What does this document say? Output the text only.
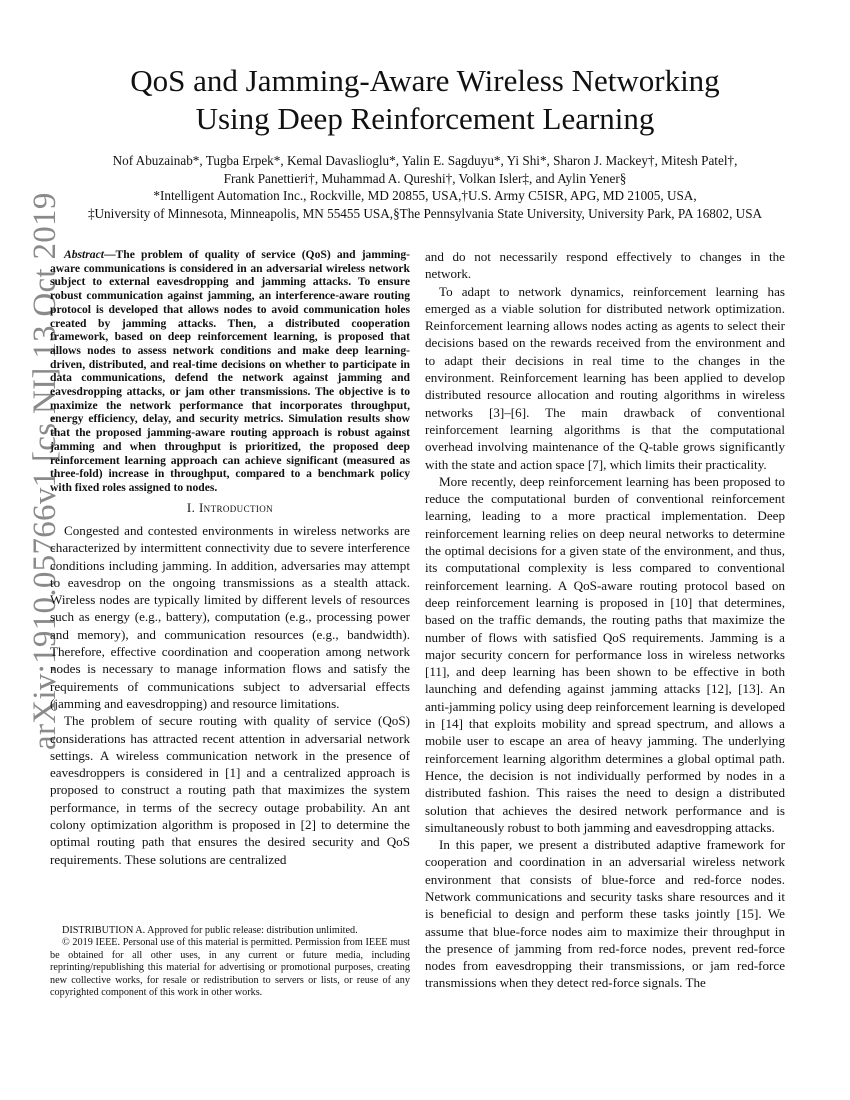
QoS and Jamming-Aware Wireless Networking
Using Deep Reinforcement Learning
Nof Abuzainab*, Tugba Erpek*, Kemal Davaslioglu*, Yalin E. Sagduyu*, Yi Shi*, Sharon J. Mackey†, Mitesh Patel†,
Frank Panettieri†, Muhammad A. Qureshi†, Volkan Isler‡, and Aylin Yener§
*Intelligent Automation Inc., Rockville, MD 20855, USA,†U.S. Army C5ISR, APG, MD 21005, USA,
‡University of Minnesota, Minneapolis, MN 55455 USA,§The Pennsylvania State University, University Park, PA 16802, USA
arXiv:1910.05766v1 [cs.NI] 13 Oct 2019 Abstract—The problem of quality of service (QoS) and jamming-aware communications is considered in an adversarial wireless network subject to external eavesdropping and jamming attacks. To ensure robust communication against jamming, an interference-aware routing protocol is developed that allows nodes to avoid communication holes created by jamming attacks. Then, a distributed cooperation framework, based on deep reinforcement learning, is proposed that allows nodes to assess network conditions and make deep learning-driven, distributed, and real-time decisions on whether to participate in data communications, defend the network against jamming and eavesdropping attacks, or jam other transmissions. The objective is to maximize the network performance that incorporates throughput, energy efficiency, delay, and security metrics. Simulation results show that the proposed jamming-aware routing approach is robust against jamming and when throughput is prioritized, the proposed deep reinforcement learning approach can achieve significant (measured as three-fold) increase in throughput, compared to a benchmark policy with fixed roles assigned to nodes.

I. Introduction

Congested and contested environments in wireless networks are characterized by intermittent connectivity due to severe interference conditions including jamming. In addition, adversaries may attempt to eavesdrop on the ongoing transmissions as a stealth attack. Wireless nodes are typically limited by different levels of resources such as energy (e.g., battery), computation (e.g., processing power and memory), and communication resources (e.g., bandwidth). Therefore, effective coordination and cooperation among network nodes is necessary to manage information flows and satisfy the requirements of communications subject to adversarial effects (jamming and eavesdropping) and resource limitations.

The problem of secure routing with quality of service (QoS) considerations has attracted recent attention in adversarial network settings. A wireless communication network in the presence of eavesdroppers is considered in [1] and a centralized approach is proposed to construct a routing path that maximizes the system performance, in terms of the secrecy outage probability. An ant colony optimization algorithm is proposed in [2] to determine the optimal routing path that ensures the desired security and QoS requirements. These solutions are centralized

DISTRIBUTION A. Approved for public release: distribution unlimited.

© 2019 IEEE. Personal use of this material is permitted. Permission from IEEE must be obtained for all other uses, in any current or future media, including reprinting/republishing this material for advertising or promotional purposes, creating new collective works, for resale or redistribution to servers or lists, or reuse of any copyrighted component of this work in other works.

and do not necessarily respond effectively to changes in the network.

To adapt to network dynamics, reinforcement learning has emerged as a viable solution for distributed network optimization. Reinforcement learning allows nodes acting as agents to select their decisions based on the rewards received from the environment and to adapt their decisions in real time to the changes in the environment. Reinforcement learning has been applied to develop distributed resource allocation and routing algorithms in wireless networks [3]–[6]. The main drawback of conventional reinforcement learning algorithms is that the computational overhead involving maintenance of the Q-table grows significantly with the state and action space [7], which limits their practicality.

More recently, deep reinforcement learning has been proposed to reduce the computational burden of conventional reinforcement learning, leading to a more practical implementation. Deep reinforcement learning relies on deep neural networks to determine the optimal decisions for a given state of the environment, and thus, its computational complexity is less compared to conventional reinforcement learning. A QoS-aware routing protocol based on deep reinforcement learning is proposed in [10] that determines, based on the traffic demands, the routing paths that maximize the number of flows with satisfied QoS requirements. Jamming is a major security concern for performance loss in wireless networks [11], and deep learning has been shown to be effective in both launching and defending against jamming attacks [12], [13]. An anti-jamming policy using deep reinforcement learning is developed in [14] that exploits mobility and spread spectrum, and allows a mobile user to escape an area of heavy jamming. The underlying reinforcement learning algorithm determines a global optimal path. Hence, the decision is not individually performed by nodes in a distributed fashion. This raises the need to design a distributed solution that achieves the desired network performance and is simultaneously robust to both jamming and eavesdropping attacks.

In this paper, we present a distributed adaptive framework for cooperation and coordination in an adversarial wireless network environment that consists of blue-force and red-force nodes. Network communications and security tasks share resources and it is beneficial to design and perform these tasks jointly [15]. We assume that blue-force nodes aim to maximize their throughput in the presence of jamming from red-force nodes, prevent red-force nodes from eavesdropping their transmissions, or jam red-force transmissions when they detect red-force signals. The
